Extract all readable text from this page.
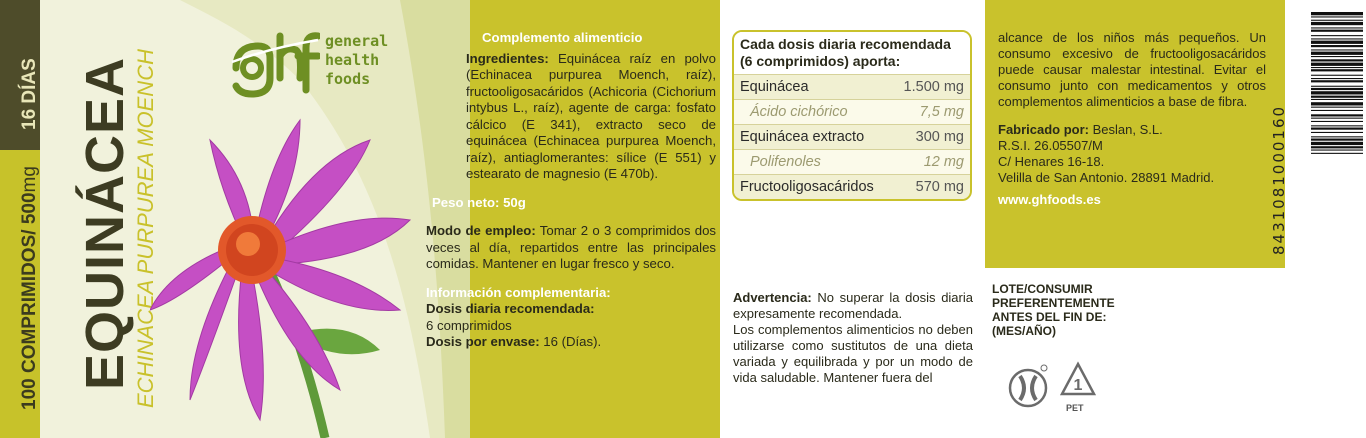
100 COMPRIMIDOS/ 500mg
16 DÍAS EQUINÁCEA
ECHINACEA PURPUREA MOENCH
general
health
foods

Complemento alimenticio

Ingredientes: Equinácea raíz en polvo (Echinacea purpurea Moench, raíz), fructooligosacáridos (Achicoria (Cichorium intybus L., raíz), agente de carga: fosfato cálcico (E 341), extracto seco de equinácea (Echinacea purpurea Moench, raíz), antiaglomerantes: sílice (E 551) y estearato de magnesio (E 470b).

Peso neto: 50g

Modo de empleo: Tomar 2 o 3 comprimidos dos veces al día, repartidos entre las principales comidas. Mantener en lugar fresco y seco.

Información complementaria:

Dosis diaria recomendada:

6 comprimidos

Dosis por envase: 16 (Días).

Cada dosis diaria recomendada
(6 comprimidos) aporta:
Equinácea	1.500 mg
Ácido cichórico	7,5 mg
Equinácea extracto	300 mg
Polifenoles	12 mg
Fructooligosacáridos	570 mg

Advertencia: No superar la dosis diaria expresamente recomendada.

Los complementos alimenticios no deben utilizarse como sustitutos de una dieta variada y equilibrada y por un modo de vida saludable. Mantener fuera del

alcance de los niños más pequeños. Un consumo excesivo de fructooligosacáridos puede causar malestar intestinal. Evitar el consumo junto con medicamentos y otros complementos alimenticios a base de fibra.

Fabricado por: Beslan, S.L.

R.S.I. 26.05507/M

C/ Henares 16-18.

Velilla de San Antonio. 28891 Madrid.

www.ghfoods.es

LOTE/CONSUMIR
PREFERENTEMENTE
ANTES DEL FIN DE:
(MES/AÑO)
1
PET
8431081000160
